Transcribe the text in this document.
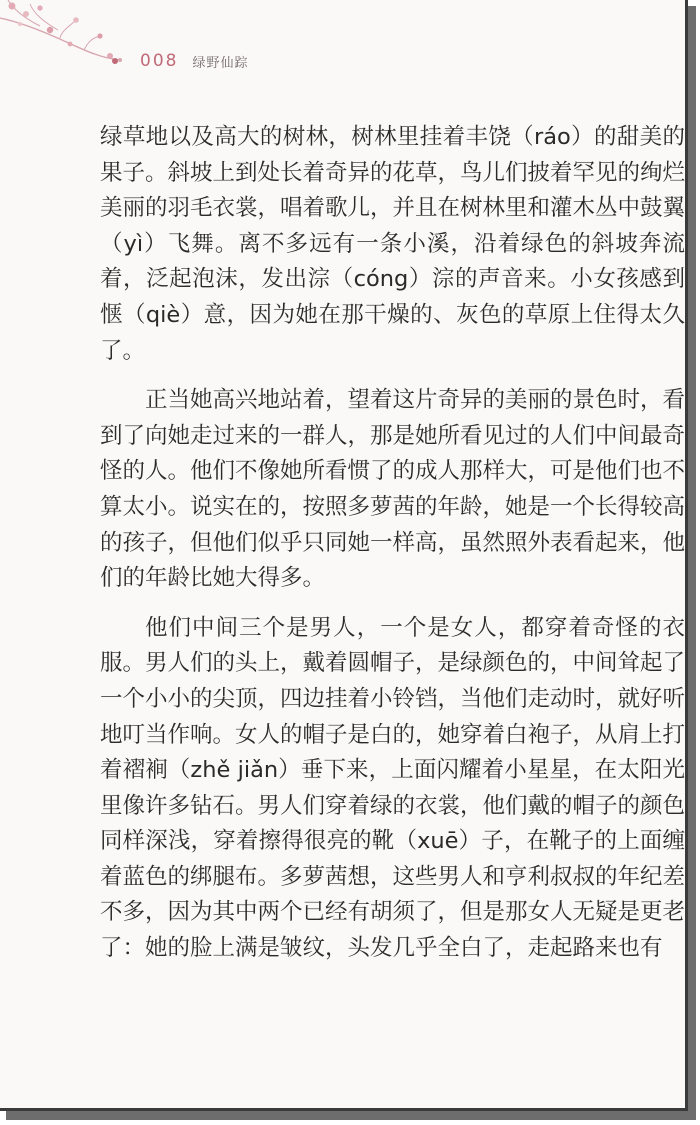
008 绿野仙踪

绿草地以及高大的树林，树林里挂着丰饶（ráo）的甜美的果子。斜坡上到处长着奇异的花草，鸟儿们披着罕见的绚烂美丽的羽毛衣裳，唱着歌儿，并且在树林里和灌木丛中鼓翼（yì）飞舞。离不多远有一条小溪，沿着绿色的斜坡奔流着，泛起泡沫，发出淙（cóng）淙的声音来。小女孩感到惬（qiè）意，因为她在那干燥的、灰色的草原上住得太久了。

正当她高兴地站着，望着这片奇异的美丽的景色时，看到了向她走过来的一群人，那是她所看见过的人们中间最奇怪的人。他们不像她所看惯了的成人那样大，可是他们也不算太小。说实在的，按照多萝茜的年龄，她是一个长得较高的孩子，但他们似乎只同她一样高，虽然照外表看起来，他们的年龄比她大得多。

他们中间三个是男人，一个是女人，都穿着奇怪的衣服。男人们的头上，戴着圆帽子，是绿颜色的，中间耸起了一个小小的尖顶，四边挂着小铃铛，当他们走动时，就好听地叮当作响。女人的帽子是白的，她穿着白袍子，从肩上打着褶裥（zhě jiǎn）垂下来，上面闪耀着小星星，在太阳光里像许多钻石。男人们穿着绿的衣裳，他们戴的帽子的颜色同样深浅，穿着擦得很亮的靴（xuē）子，在靴子的上面缠着蓝色的绑腿布。多萝茜想，这些男人和亨利叔叔的年纪差不多，因为其中两个已经有胡须了，但是那女人无疑是更老了：她的脸上满是皱纹，头发几乎全白了，走起路来也有
